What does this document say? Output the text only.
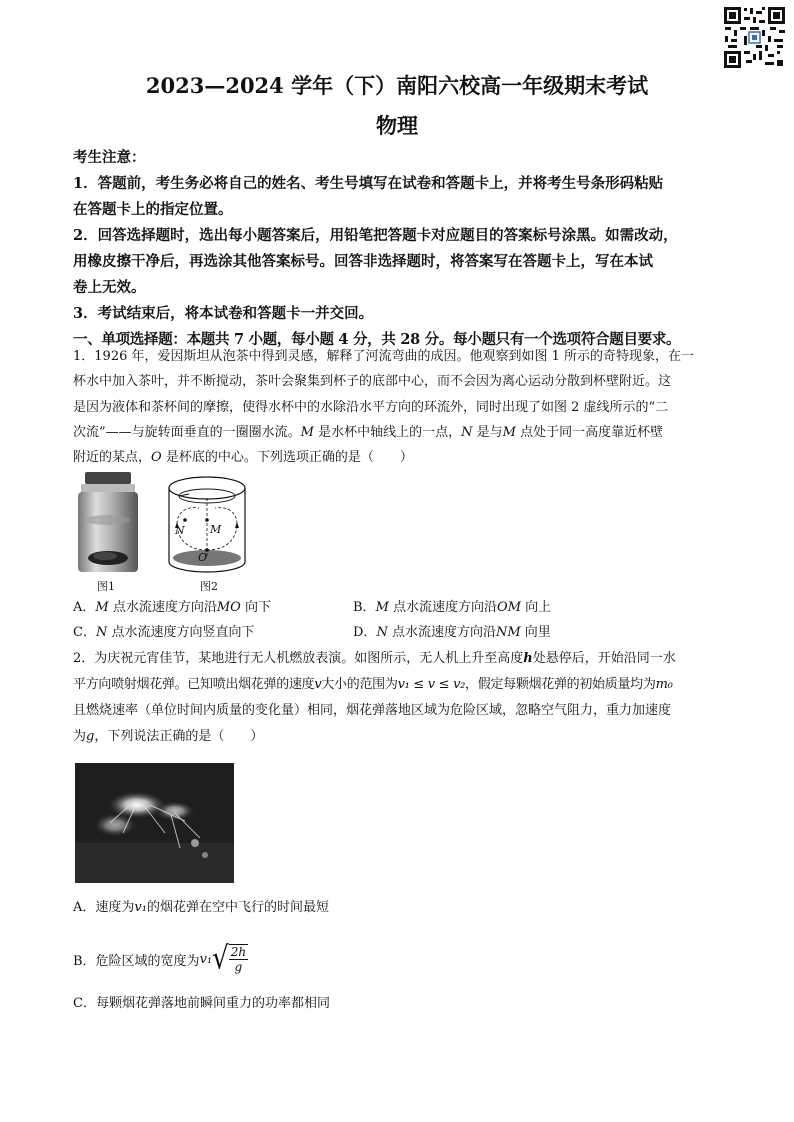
2023—2024 学年（下）南阳六校高一年级期末考试
物理
考生注意：
1．答题前，考生务必将自己的姓名、考生号填写在试卷和答题卡上，并将考生号条形码粘贴
在答题卡上的指定位置。
2．回答选择题时，选出每小题答案后，用铅笔把答题卡对应题目的答案标号涂黑。如需改动，
用橡皮擦干净后，再选涂其他答案标号。回答非选择题时，将答案写在答题卡上，写在本试
卷上无效。
3．考试结束后，将本试卷和答题卡一并交回。
一、单项选择题：本题共 7 小题，每小题 4 分，共 28 分。每小题只有一个选项符合题目要求。
1．1926 年，爱因斯坦从泡茶中得到灵感，解释了河流弯曲的成因。他观察到如图 1 所示的奇特现象，在一
杯水中加入茶叶，并不断搅动，茶叶会聚集到杯子的底部中心，而不会因为离心运动分散到杯壁附近。这
是因为液体和茶杯间的摩擦，使得水杯中的水除沿水平方向的环流外，同时出现了如图 2 虚线所示的“二
次流”——与旋转面垂直的一圈圈水流。M 是水杯中轴线上的一点，N 是与M 点处于同一高度靠近杯壁
附近的某点，O 是杯底的中心。下列选项正确的是（　　）
图1
N M
O
图2
A．M 点水流速度方向沿MO 向下	B．M 点水流速度方向沿OM 向上
C．N 点水流速度方向竖直向下	D．N 点水流速度方向沿NM 向里
2．为庆祝元宵佳节，某地进行无人机燃放表演。如图所示，无人机上升至高度h处悬停后，开始沿同一水
平方向喷射烟花弹。已知喷出烟花弹的速度v大小的范围为v₁ ≤ v ≤ v₂，假定每颗烟花弹的初始质量均为m₀
且燃烧速率（单位时间内质量的变化量）相同，烟花弹落地区域为危险区域，忽略空气阻力，重力加速度
为g，下列说法正确的是（　　）
A．速度为v₁的烟花弹在空中飞行的时间最短
B．危险区域的宽度为 v₁ √ $\frac{2h}{g}$
C．每颗烟花弹落地前瞬间重力的功率都相同
